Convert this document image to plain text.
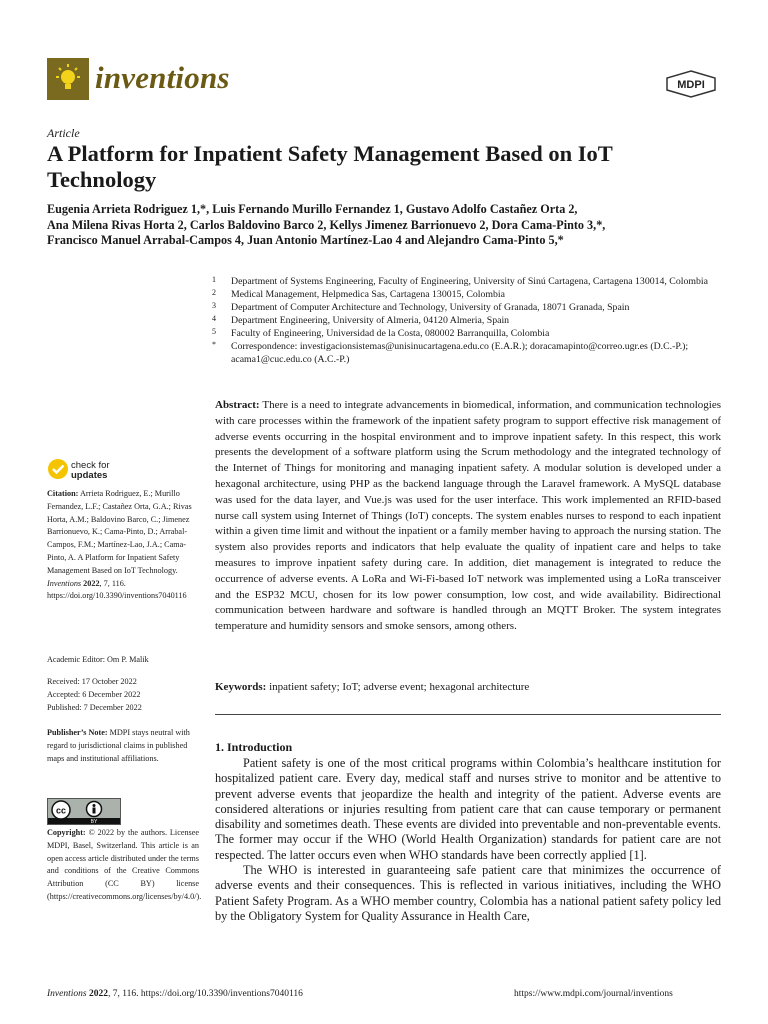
inventions	MDPI
Article
A Platform for Inpatient Safety Management Based on IoT Technology
Eugenia Arrieta Rodriguez 1,*, Luis Fernando Murillo Fernandez 1, Gustavo Adolfo Castañez Orta 2,
Ana Milena Rivas Horta 2, Carlos Baldovino Barco 2, Kellys Jimenez Barrionuevo 2, Dora Cama-Pinto 3,*,
Francisco Manuel Arrabal-Campos 4, Juan Antonio Martínez-Lao 4 and Alejandro Cama-Pinto 5,*
1 Department of Systems Engineering, Faculty of Engineering, University of Sinú Cartagena, Cartagena 130014, Colombia
2 Medical Management, Helpmedica Sas, Cartagena 130015, Colombia
3 Department of Computer Architecture and Technology, University of Granada, 18071 Granada, Spain
4 Department Engineering, University of Almeria, 04120 Almeria, Spain
5 Faculty of Engineering, Universidad de la Costa, 080002 Barranquilla, Colombia
* Correspondence: investigacionsistemas@unisinucartagena.edu.co (E.A.R.); doracamapinto@correo.ugr.es (D.C.-P.); acama1@cuc.edu.co (A.C.-P.)
Abstract: There is a need to integrate advancements in biomedical, information, and communication technologies with care processes within the framework of the inpatient safety program to support effective risk management of adverse events occurring in the hospital environment and to improve inpatient safety. In this respect, this work presents the development of a software platform using the Scrum methodology and the integrated technology of the Internet of Things for monitoring and managing inpatient safety. A modular solution is developed under a hexagonal architecture, using PHP as the backend language through the Laravel framework. A MySQL database was used for the data layer, and Vue.js was used for the user interface. This work implemented an RFID-based nurse call system using Internet of Things (IoT) concepts. The system enables nurses to respond to each inpatient within a given time limit and without the inpatient or a family member having to approach the nursing station. The system also provides reports and indicators that help evaluate the quality of inpatient care and helps to take measures to improve inpatient safety during care. In addition, diet management is integrated to reduce the occurrence of adverse events. A LoRa and Wi-Fi-based IoT network was implemented using a LoRa transceiver and the ESP32 MCU, chosen for its low power consumption, low cost, and wide availability. Bidirectional communication between hardware and software is handled through an MQTT Broker. The system integrates temperature and humidity sensors and smoke sensors, among others.
Keywords: inpatient safety; IoT; adverse event; hexagonal architecture
check for
updates
Citation: Arrieta Rodriguez, E.; Murillo Fernandez, L.F.; Castañez Orta, G.A.; Rivas Horta, A.M.; Baldovino Barco, C.; Jimenez Barrionuevo, K.; Cama-Pinto, D.; Arrabal-Campos, F.M.; Martínez-Lao, J.A.; Cama-Pinto, A. A Platform for Inpatient Safety Management Based on IoT Technology. Inventions 2022, 7, 116. https://doi.org/10.3390/inventions7040116
Academic Editor: Om P. Malik
Received: 17 October 2022
Accepted: 6 December 2022
Published: 7 December 2022
Publisher’s Note: MDPI stays neutral with regard to jurisdictional claims in published maps and institutional affiliations.
cc
BY
Copyright: © 2022 by the authors. Licensee MDPI, Basel, Switzerland. This article is an open access article distributed under the terms and conditions of the Creative Commons Attribution (CC BY) license (https://creativecommons.org/licenses/by/4.0/).
1. Introduction

Patient safety is one of the most critical programs within Colombia’s healthcare institution for hospitalized patient care. Every day, medical staff and nurses strive to monitor and be attentive to prevent adverse events that jeopardize the health and integrity of the patient. Adverse events are considered alterations or injuries resulting from patient care that can cause temporary or permanent disability and sometimes death. These events are divided into preventable and non-preventable events. The former may occur if the WHO (World Health Organization) standards for patient care are not respected. The latter occurs even when WHO standards have been correctly applied [1].

The WHO is interested in guaranteeing safe patient care that minimizes the occurrence of adverse events and their consequences. This is reflected in various initiatives, including the WHO Patient Safety Program. As a WHO member country, Colombia has a national patient safety policy led by the Obligatory System for Quality Assurance in Health Care,

Inventions 2022, 7, 116. https://doi.org/10.3390/inventions7040116	https://www.mdpi.com/journal/inventions
